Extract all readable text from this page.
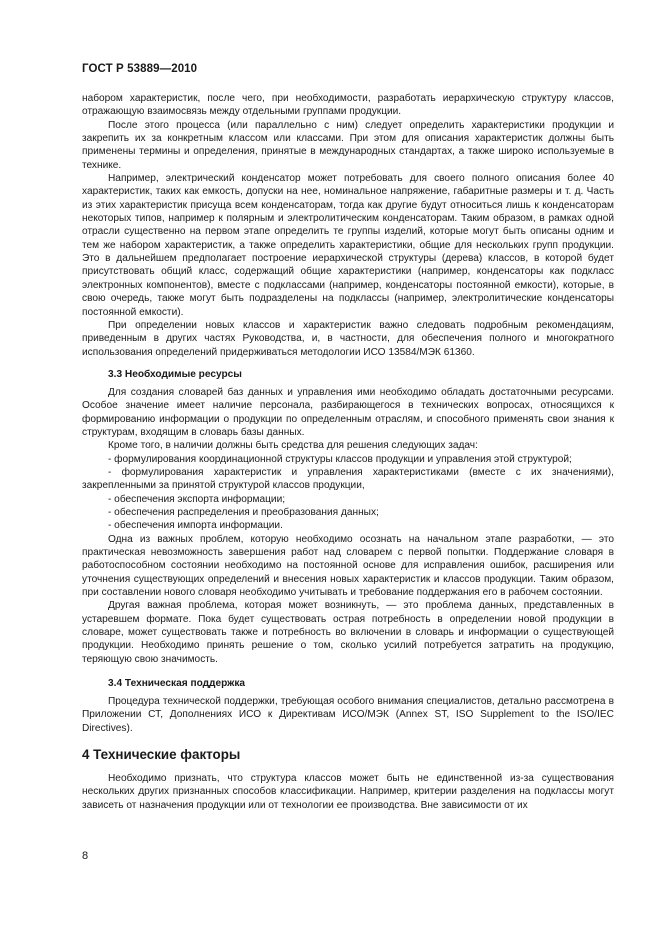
ГОСТ Р 53889—2010

набором характеристик, после чего, при необходимости, разработать иерархическую структуру классов, отражающую взаимосвязь между отдельными группами продукции.

После этого процесса (или параллельно с ним) следует определить характеристики продукции и закрепить их за конкретным классом или классами. При этом для описания характеристик должны быть применены термины и определения, принятые в международных стандартах, а также широко используемые в технике.

Например, электрический конденсатор может потребовать для своего полного описания более 40 характеристик, таких как емкость, допуски на нее, номинальное напряжение, габаритные размеры и т. д. Часть из этих характеристик присуща всем конденсаторам, тогда как другие будут относиться лишь к конденсаторам некоторых типов, например к полярным и электролитическим конденсаторам. Таким образом, в рамках одной отрасли существенно на первом этапе определить те группы изделий, которые могут быть описаны одним и тем же набором характеристик, а также определить характеристики, общие для нескольких групп продукции. Это в дальнейшем предполагает построение иерархической структуры (дерева) классов, в которой будет присутствовать общий класс, содержащий общие характеристики (например, конденсаторы как подкласс электронных компонентов), вместе с подклассами (например, конденсаторы постоянной емкости), которые, в свою очередь, также могут быть подразделены на подклассы (например, электролитические конденсаторы постоянной емкости).

При определении новых классов и характеристик важно следовать подробным рекомендациям, приведенным в других частях Руководства, и, в частности, для обеспечения полного и многократного использования определений придерживаться методологии ИСО 13584/МЭК 61360.

3.3 Необходимые ресурсы

Для создания словарей баз данных и управления ими необходимо обладать достаточными ресурсами. Особое значение имеет наличие персонала, разбирающегося в технических вопросах, относящихся к формированию информации о продукции по определенным отраслям, и способного применять свои знания к структурам, входящим в словарь базы данных.

Кроме того, в наличии должны быть средства для решения следующих задач:

- формулирования координационной структуры классов продукции и управления этой структурой;

- формулирования характеристик и управления характеристиками (вместе с их значениями), закрепленными за принятой структурой классов продукции,

- обеспечения экспорта информации;

- обеспечения распределения и преобразования данных;

- обеспечения импорта информации.

Одна из важных проблем, которую необходимо осознать на начальном этапе разработки, — это практическая невозможность завершения работ над словарем с первой попытки. Поддержание словаря в работоспособном состоянии необходимо на постоянной основе для исправления ошибок, расширения или уточнения существующих определений и внесения новых характеристик и классов продукции. Таким образом, при составлении нового словаря необходимо учитывать и требование поддержания его в рабочем состоянии.

Другая важная проблема, которая может возникнуть, — это проблема данных, представленных в устаревшем формате. Пока будет существовать острая потребность в определении новой продукции в словаре, может существовать также и потребность во включении в словарь и информации о существующей продукции. Необходимо принять решение о том, сколько усилий потребуется затратить на продукцию, теряющую свою значимость.

3.4 Техническая поддержка

Процедура технической поддержки, требующая особого внимания специалистов, детально рассмотрена в Приложении СТ, Дополнениях ИСО к Директивам ИСО/МЭК (Annex ST, ISO Supplement to the ISO/IEC Directives).

4 Технические факторы

Необходимо признать, что структура классов может быть не единственной из-за существования нескольких других признанных способов классификации. Например, критерии разделения на подклассы могут зависеть от назначения продукции или от технологии ее производства. Вне зависимости от их

8
